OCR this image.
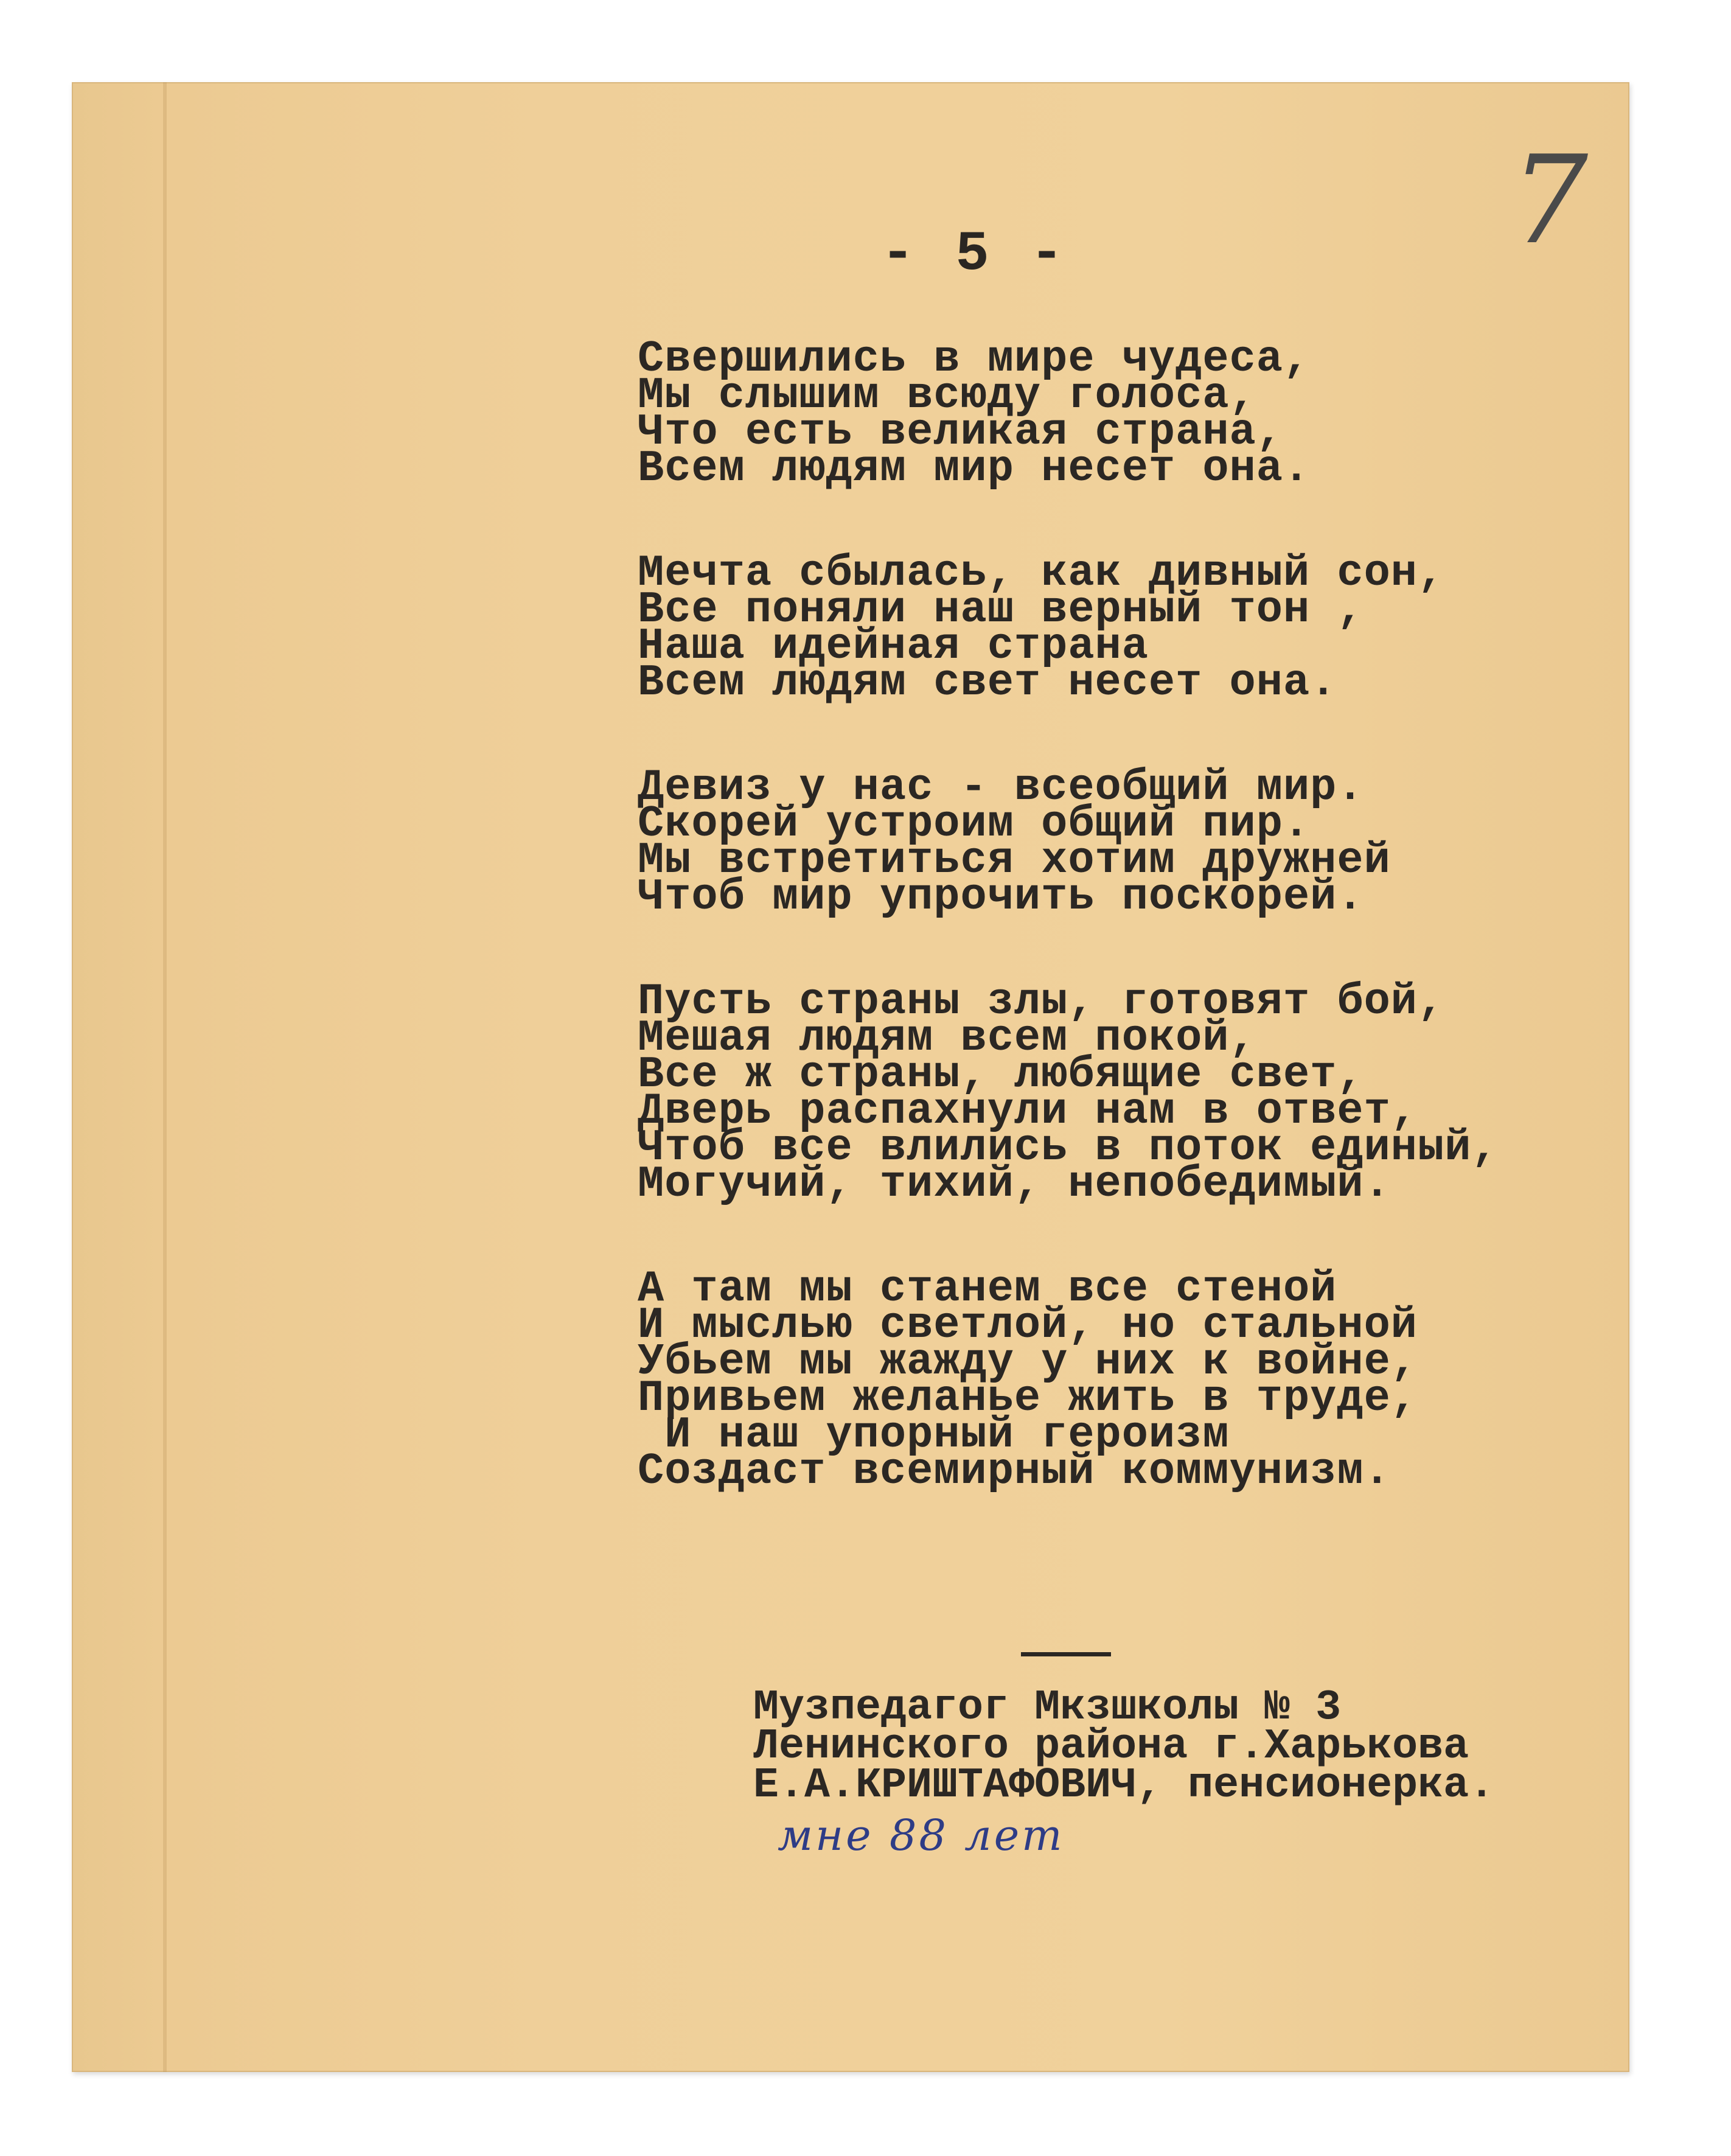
7
- 5 -
Свершились в мире чудеса,
Мы слышим всюду голоса,
Что есть великая страна,
Всем людям мир несет она.
Мечта сбылась, как дивный сон,
Все поняли наш верный тон ,
Наша идейная страна
Всем людям свет несет она.
Девиз у нас - всеобщий мир.
Скорей устроим общий пир.
Мы встретиться хотим дружней
Чтоб мир упрочить поскорей.
Пусть страны злы, готовят бой,
Мешая людям всем покой,
Все ж страны, любящие свет,
Дверь распахнули нам в ответ,
Чтоб все влились в поток единый,
Могучий, тихий, непобедимый.
А там мы станем все стеной
И мыслью светлой, но стальной
Убьем мы жажду у них к войне,
Привьем желанье жить в труде,
И наш упорный героизм
Создаст всемирный коммунизм.
Музпедагог Мкзшколы № 3
Ленинского района г.Харькова
Е.А.КРИШТАФОВИЧ, пенсионерка.
мне 88 лет
